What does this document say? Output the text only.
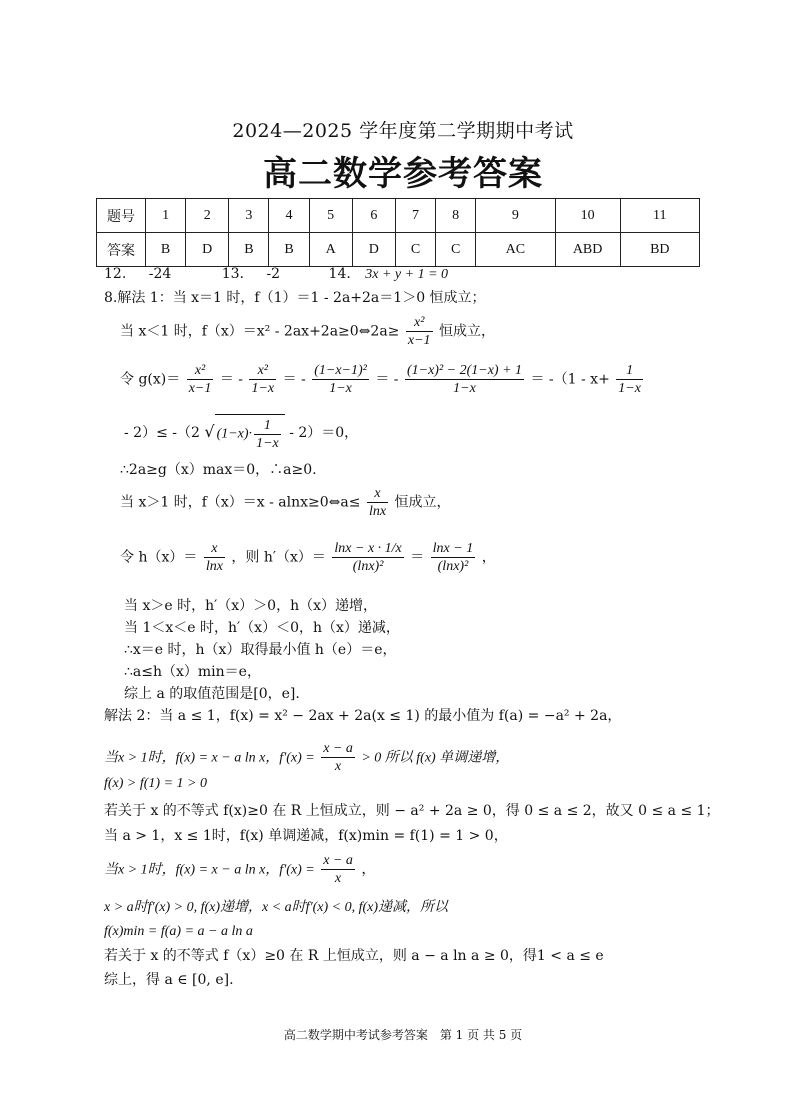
2024—2025 学年度第二学期期中考试
高二数学参考答案
题号	1	2	3	4	5	6	7	8	9	10	11
答案	B	D	B	B	A	D	C	C	AC	ABD	BD
12. -24	13. -2	14. 3x + y + 1 = 0
8.解法 1：当 x＝1 时，f（1）＝1 - 2a+2a＝1＞0 恒成立；
当 x＜1 时，f（x）＝x² - 2ax+2a≥0⇔2a≥ $\frac{\text{x²}}{x-1}$ 恒成立，
令 $g(x)= \frac{\text{x²}}{x-1}$ ＝ - $\frac{\text{x²}}{1-x}$ ＝ - $\frac{\text{(1−x−1)²}}{1-x}$ ＝ - $\frac{\text{(1−x)² − 2(1−x) + 1}}{1-x} = -(1 - x+ \frac{1}{1-x}$
- 2）≤ -（2 √ $(1-x)\cdot \frac{1}{1-x} - 2)=0$，
∴2a≥g（x）max＝0，∴a≥0.
当 x＞1 时，f（x）＝x - alnx≥0⇔a≤ $\frac{x}{\ln x}$ 恒成立，
令 $h(x)= \frac{x}{\ln x}$ ，则 $h'(x)= \frac{\ln x - x \cdot 1/x}{\text{(lnx)²}} = \frac{\ln x - 1}{\text{(lnx)²}}$ ，
当 x＞e 时，h′（x）＞0，h（x）递增，
当 1＜x＜e 时，h′（x）＜0，h（x）递减，
∴x＝e 时，h（x）取得最小值 h（e）＝e，
∴a≤h（x）min＝e，
综上 a 的取值范围是[0，e].
解法 2：当 a ≤ 1，f(x) = x² − 2ax + 2a(x ≤ 1) 的最小值为 f(a) = −a² + 2a，
当x > 1时，f(x) = x − a ln x，$f'(x) = \frac{x - a}{x} > 0$ 所以 f(x) 单调递增，
f(x) > f(1) = 1 > 0
若关于 x 的不等式 f(x)≥0 在 R 上恒成立，则 − a² + 2a ≥ 0，得 0 ≤ a ≤ 2，故又 0 ≤ a ≤ 1；
当 a > 1，x ≤ 1时，f(x) 单调递减，f(x)min = f(1) = 1 > 0，
当x > 1时，f(x) = x − a ln x，$f'(x) = \frac{x - a}{x}$ ，
x > a时f′(x) > 0, f(x)递增，x < a时f′(x) < 0, f(x)递减，所以
f(x)min = f(a) = a − a ln a
若关于 x 的不等式 f（x）≥0 在 R 上恒成立，则 a − a ln a ≥ 0，得1 < a ≤ e
综上，得 a ∈ [0, e].
高二数学期中考试参考答案　第 1 页 共 5 页
